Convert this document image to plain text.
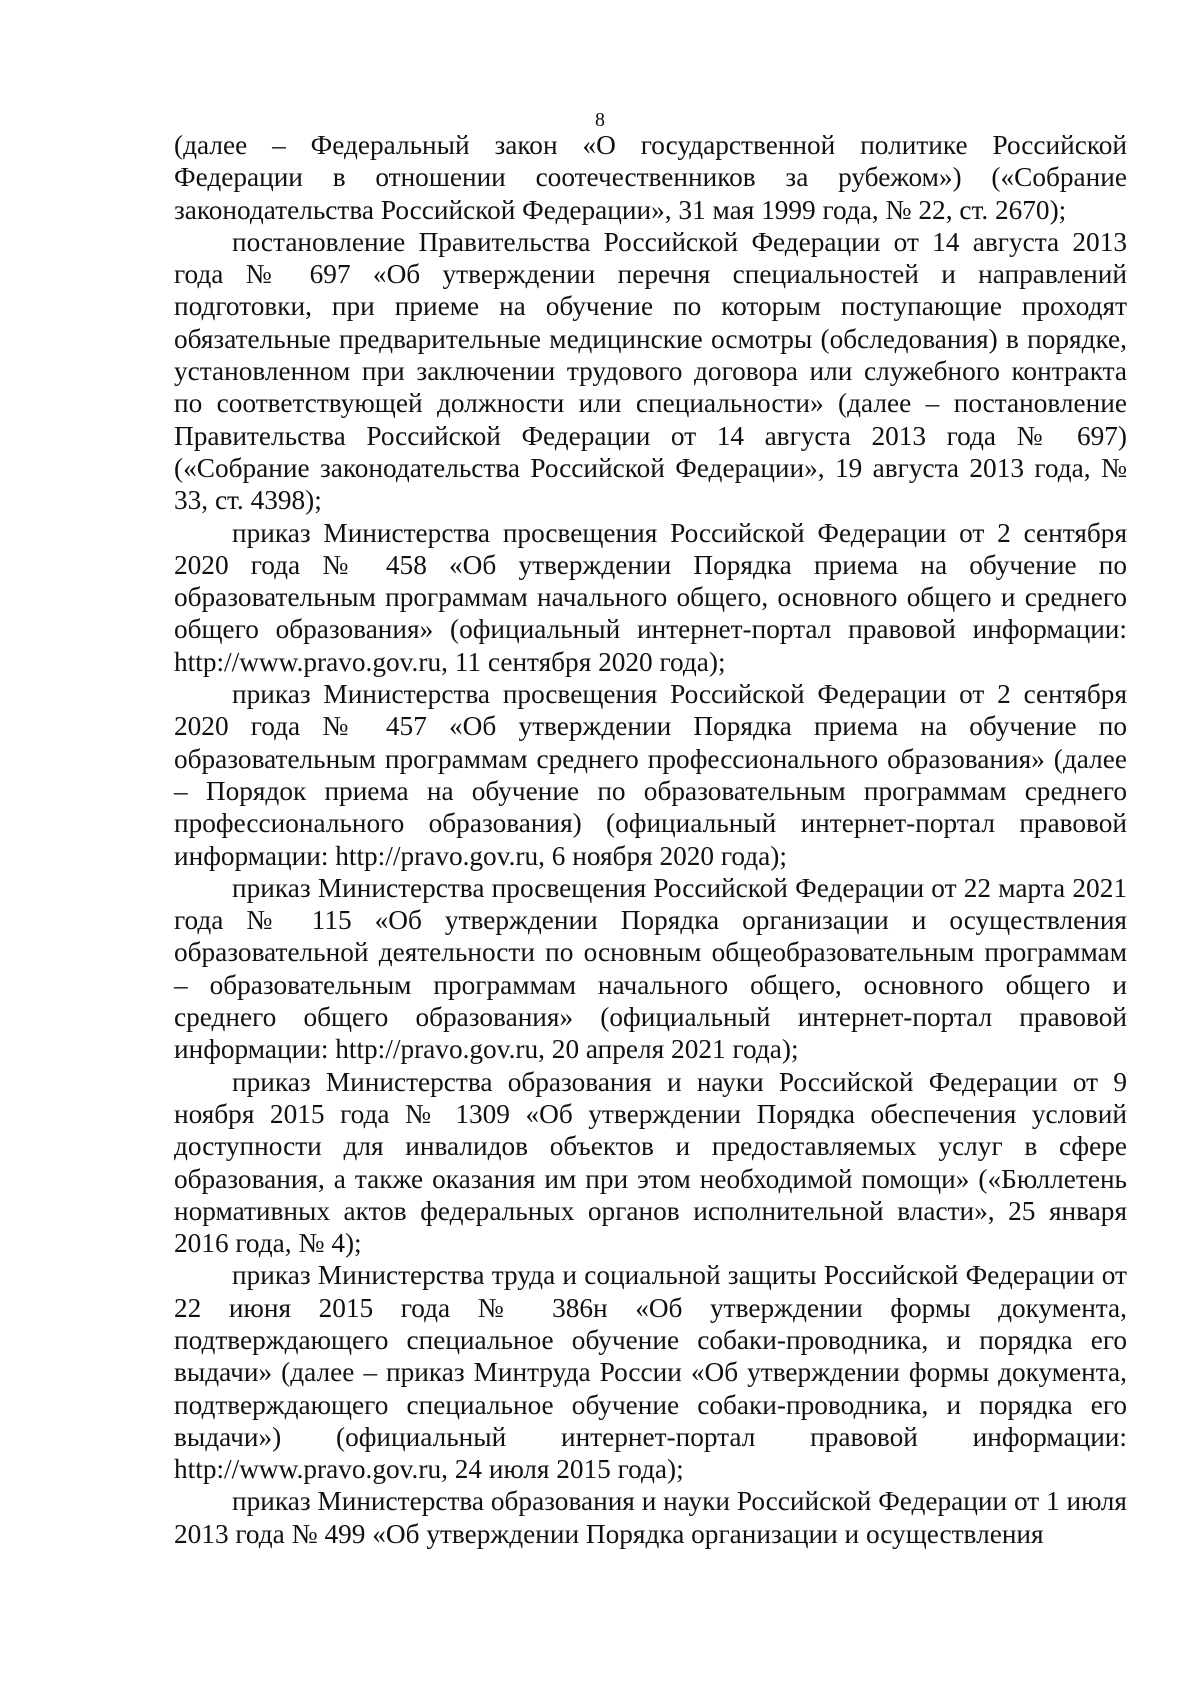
8

(далее – Федеральный закон «О государственной политике Российской Федерации в отношении соотечественников за рубежом») («Собрание законодательства Российской Федерации», 31 мая 1999 года, № 22, ст. 2670);

постановление Правительства Российской Федерации от 14 августа 2013 года № 697 «Об утверждении перечня специальностей и направлений подготовки, при приеме на обучение по которым поступающие проходят обязательные предварительные медицинские осмотры (обследования) в порядке, установленном при заключении трудового договора или служебного контракта по соответствующей должности или специальности» (далее – постановление Правительства Российской Федерации от 14 августа 2013 года № 697) («Собрание законодательства Российской Федерации», 19 августа 2013 года, № 33, ст. 4398);

приказ Министерства просвещения Российской Федерации от 2 сентября 2020 года № 458 «Об утверждении Порядка приема на обучение по образовательным программам начального общего, основного общего и среднего общего образования» (официальный интернет-портал правовой информации: http://www.pravo.gov.ru, 11 сентября 2020 года);

приказ Министерства просвещения Российской Федерации от 2 сентября 2020 года № 457 «Об утверждении Порядка приема на обучение по образовательным программам среднего профессионального образования» (далее – Порядок приема на обучение по образовательным программам среднего профессионального образования) (официальный интернет-портал правовой информации: http://pravo.gov.ru, 6 ноября 2020 года);

приказ Министерства просвещения Российской Федерации от 22 марта 2021 года № 115 «Об утверждении Порядка организации и осуществления образовательной деятельности по основным общеобразовательным программам – образовательным программам начального общего, основного общего и среднего общего образования» (официальный интернет-портал правовой информации: http://pravo.gov.ru, 20 апреля 2021 года);

приказ Министерства образования и науки Российской Федерации от 9 ноября 2015 года № 1309 «Об утверждении Порядка обеспечения условий доступности для инвалидов объектов и предоставляемых услуг в сфере образования, а также оказания им при этом необходимой помощи» («Бюллетень нормативных актов федеральных органов исполнительной власти», 25 января 2016 года, № 4);

приказ Министерства труда и социальной защиты Российской Федерации от 22 июня 2015 года № 386н «Об утверждении формы документа, подтверждающего специальное обучение собаки-проводника, и порядка его выдачи» (далее – приказ Минтруда России «Об утверждении формы документа, подтверждающего специальное обучение собаки-проводника, и порядка его выдачи») (официальный интернет-портал правовой информации: http://www.pravo.gov.ru, 24 июля 2015 года);

приказ Министерства образования и науки Российской Федерации от 1 июля 2013 года № 499 «Об утверждении Порядка организации и осуществления
